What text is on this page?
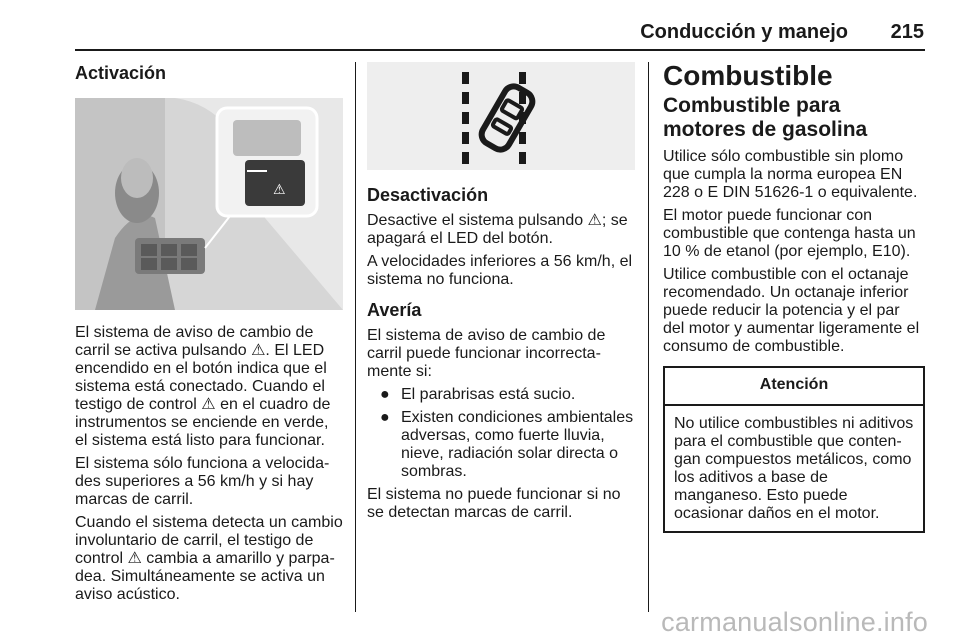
Conducción y manejo 215
Activación
⚠

El sistema de aviso de cambio de carril se activa pulsando ⚠︎. El LED encendido en el botón indica que el sistema está conectado. Cuando el testigo de control ⚠︎ en el cuadro de instrumentos se enciende en verde, el sistema está listo para funcionar.

El sistema sólo funciona a velocidades superiores a 56 km/h y si hay marcas de carril.

Cuando el sistema detecta un cambio involuntario de carril, el testigo de control ⚠︎ cambia a amarillo y parpadea. Simultáneamente se activa un aviso acústico.

Desactivación

Desactive el sistema pulsando ⚠︎; se apagará el LED del botón.

A velocidades inferiores a 56 km/h, el sistema no funciona.

Avería

El sistema de aviso de cambio de carril puede funcionar incorrectamente si:

● El parabrisas está sucio.
● Existen condiciones ambientales adversas, como fuerte lluvia, nieve, radiación solar directa o sombras.

El sistema no puede funcionar si no se detectan marcas de carril.

Combustible
Combustible para motores de gasolina

Utilice sólo combustible sin plomo que cumpla la norma europea EN 228 o E DIN 51626-1 o equivalente.

El motor puede funcionar con combustible que contenga hasta un 10 % de etanol (por ejemplo, E10).

Utilice combustible con el octanaje recomendado. Un octanaje inferior puede reducir la potencia y el par del motor y aumentar ligeramente el consumo de combustible.

Atención
No utilice combustibles ni aditivos para el combustible que contengan compuestos metálicos, como los aditivos a base de manganeso. Esto puede ocasionar daños en el motor.
carmanualsonline.info
